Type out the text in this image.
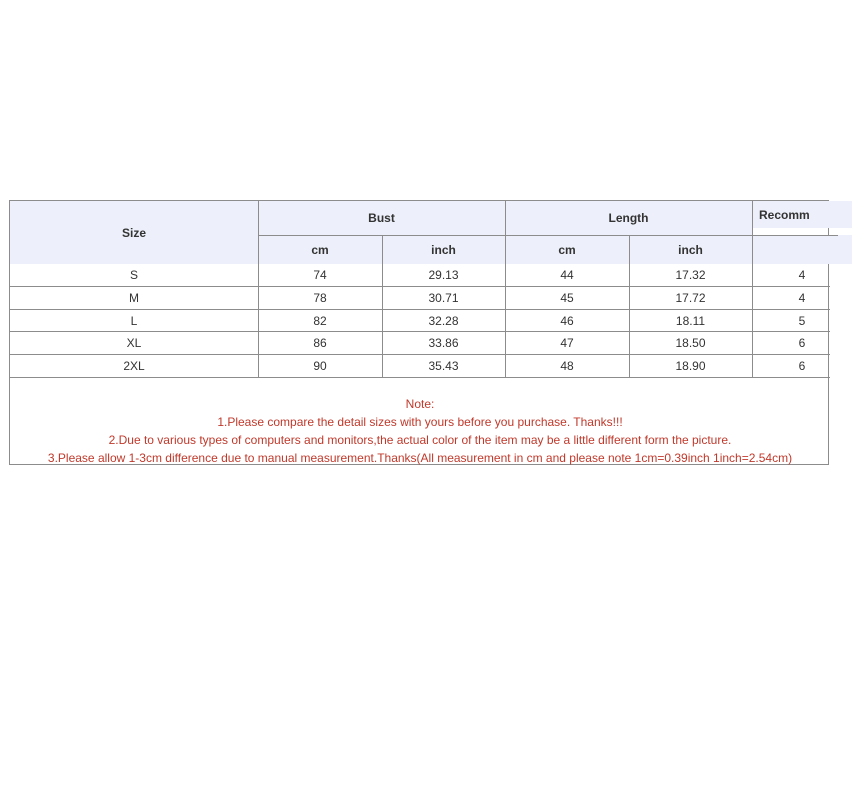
Size
Bust	Length	Recomm
cm	inch	cm	inch
S	74	29.13	44	17.32	4
M	78	30.71	45	17.72	4
L	82	32.28	46	18.11	5
XL	86	33.86	47	18.50	6
2XL	90	35.43	48	18.90	6
Note:
1.Please compare the detail sizes with yours before you purchase. Thanks!!!
2.Due to various types of computers and monitors,the actual color of the item may be a little different form the picture.
3.Please allow 1-3cm difference due to manual measurement.Thanks(All measurement in cm and please note 1cm=0.39inch 1inch=2.54cm)
